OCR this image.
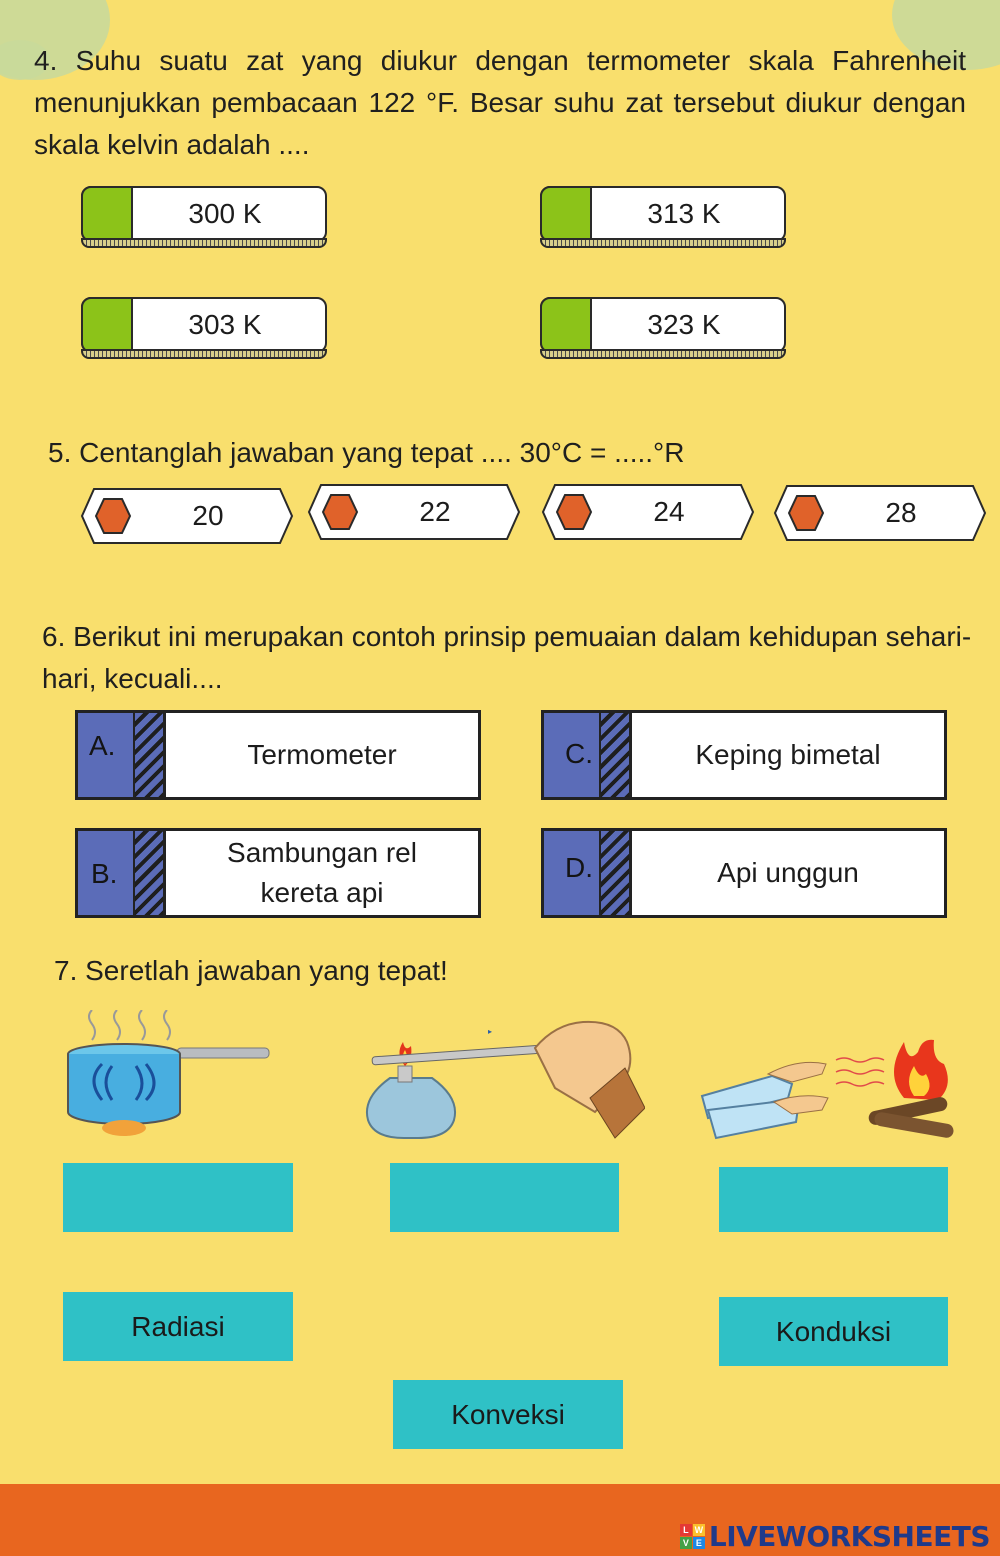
4. Suhu suatu zat yang diukur dengan termometer skala Fahrenheit menunjukkan pembacaan 122 °F. Besar suhu zat tersebut diukur dengan skala kelvin adalah ....

300 K	313 K
303 K	323 K

5. Centanglah jawaban yang tepat .... 30°C = .....°R

20	22	24	28

6. Berikut ini merupakan contoh prinsip pemuaian dalam kehidupan sehari-hari, kecuali....

A.	Termometer	C.	Keping bimetal
B.
Sambungan rel kereta api
D.	Api unggun

7. Seretlah jawaban yang tepat!

▸
Radiasi	Konduksi
Konveksi
L W
V E LIVEWORKSHEETS
